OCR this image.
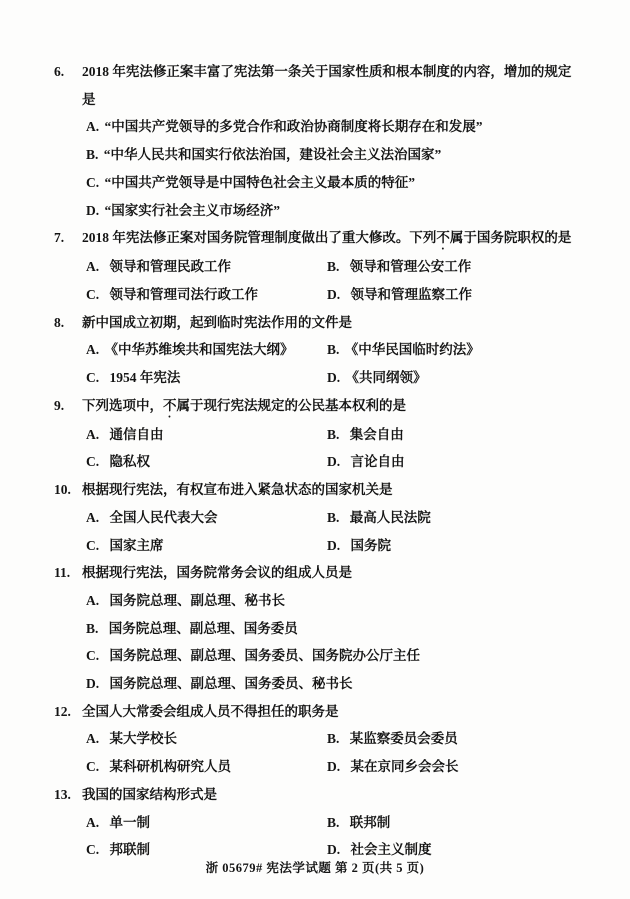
6.	2018 年宪法修正案丰富了宪法第一条关于国家性质和根本制度的内容，增加的规定是
A. “中国共产党领导的多党合作和政治协商制度将长期存在和发展”
B. “中华人民共和国实行依法治国，建设社会主义法治国家”
C. “中国共产党领导是中国特色社会主义最本质的特征”
D. “国家实行社会主义市场经济”
7.	2018 年宪法修正案对国务院管理制度做出了重大修改。下列不属于国务院职权的是
A. 领导和管理民政工作	B. 领导和管理公安工作
C. 领导和管理司法行政工作	D. 领导和管理监察工作
8.	新中国成立初期，起到临时宪法作用的文件是
A. 《中华苏维埃共和国宪法大纲》	B. 《中华民国临时约法》
C. 1954 年宪法	D. 《共同纲领》
9.	下列选项中，不属于现行宪法规定的公民基本权利的是
A. 通信自由	B. 集会自由
C. 隐私权	D. 言论自由
10. 根据现行宪法，有权宣布进入紧急状态的国家机关是
A. 全国人民代表大会	B. 最高人民法院
C. 国家主席	D. 国务院
11. 根据现行宪法，国务院常务会议的组成人员是
A. 国务院总理、副总理、秘书长
B. 国务院总理、副总理、国务委员
C. 国务院总理、副总理、国务委员、国务院办公厅主任
D. 国务院总理、副总理、国务委员、秘书长
12. 全国人大常委会组成人员不得担任的职务是
A. 某大学校长	B. 某监察委员会委员
C. 某科研机构研究人员	D. 某在京同乡会会长
13. 我国的国家结构形式是
A. 单一制	B. 联邦制
C. 邦联制	D. 社会主义制度
浙 05679# 宪法学试题 第 2 页(共 5 页)
